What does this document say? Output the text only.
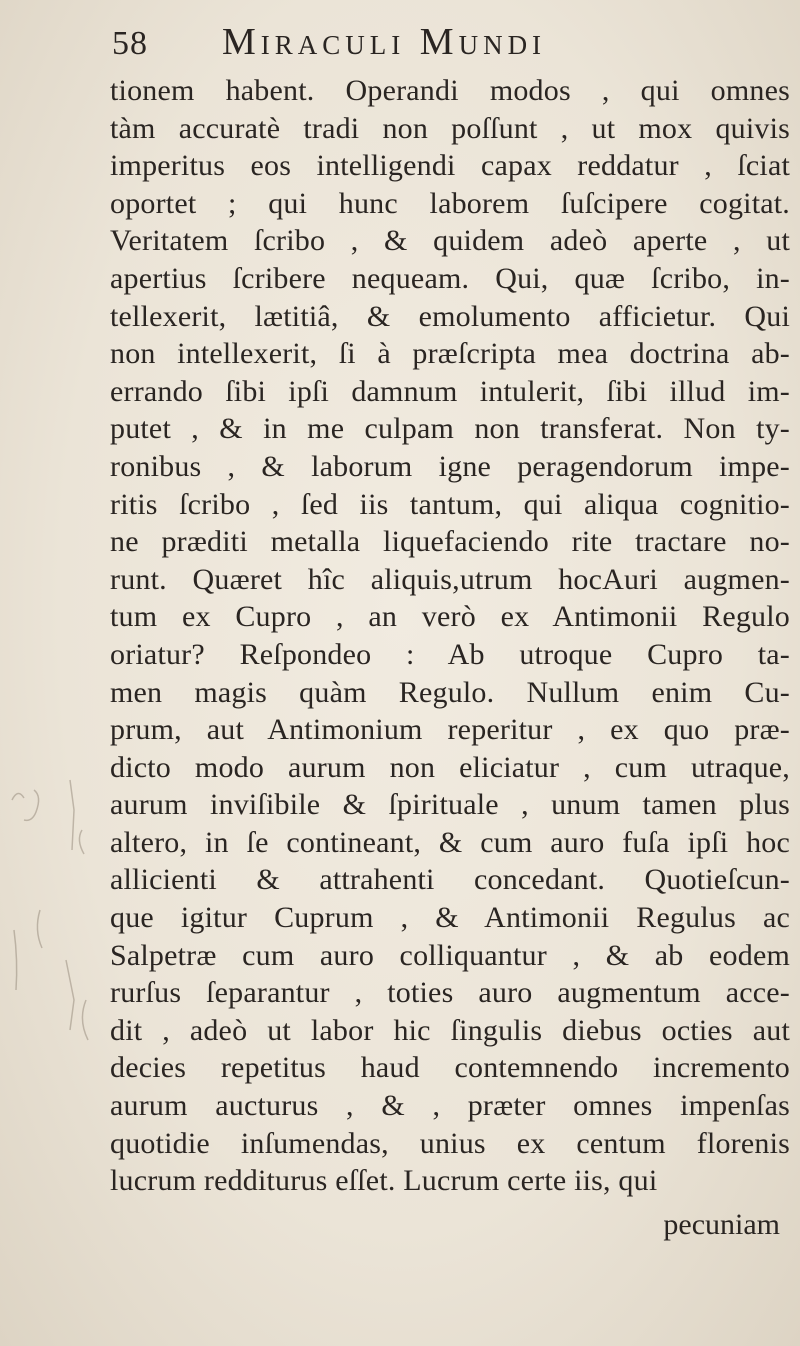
58	Miraculi Mundi
tionem habent. Operandi modos , qui omnes
tàm accuratè tradi non poſſunt , ut mox quivis
imperitus eos intelligendi capax reddatur , ſciat
oportet ; qui hunc laborem ſuſcipere cogitat.
Veritatem ſcribo , & quidem adeò aperte , ut
apertius ſcribere nequeam. Qui, quæ ſcribo, in-
tellexerit, lætitiâ, & emolumento afficietur. Qui
non intellexerit, ſi à præſcripta mea doctrina ab-
errando ſibi ipſi damnum intulerit, ſibi illud im-
putet , & in me culpam non transferat. Non ty-
ronibus , & laborum igne peragendorum impe-
ritis ſcribo , ſed iis tantum, qui aliqua cognitio-
ne præditi metalla liquefaciendo rite tractare no-
runt. Quæret hîc aliquis,utrum hocAuri augmen-
tum ex Cupro , an verò ex Antimonii Regulo
oriatur? Reſpondeo : Ab utroque Cupro ta-
men magis quàm Regulo. Nullum enim Cu-
prum, aut Antimonium reperitur , ex quo præ-
dicto modo aurum non eliciatur , cum utraque,
aurum inviſibile & ſpirituale , unum tamen plus
altero, in ſe contineant, & cum auro fuſa ipſi hoc
allicienti & attrahenti concedant. Quotieſcun-
que igitur Cuprum , & Antimonii Regulus ac
Salpetræ cum auro colliquantur , & ab eodem
rurſus ſeparantur , toties auro augmentum acce-
dit , adeò ut labor hic ſingulis diebus octies aut
decies repetitus haud contemnendo incremento
aurum aucturus , & , præter omnes impenſas
quotidie inſumendas, unius ex centum florenis
lucrum redditurus eſſet. Lucrum certe iis, qui
pecuniam
